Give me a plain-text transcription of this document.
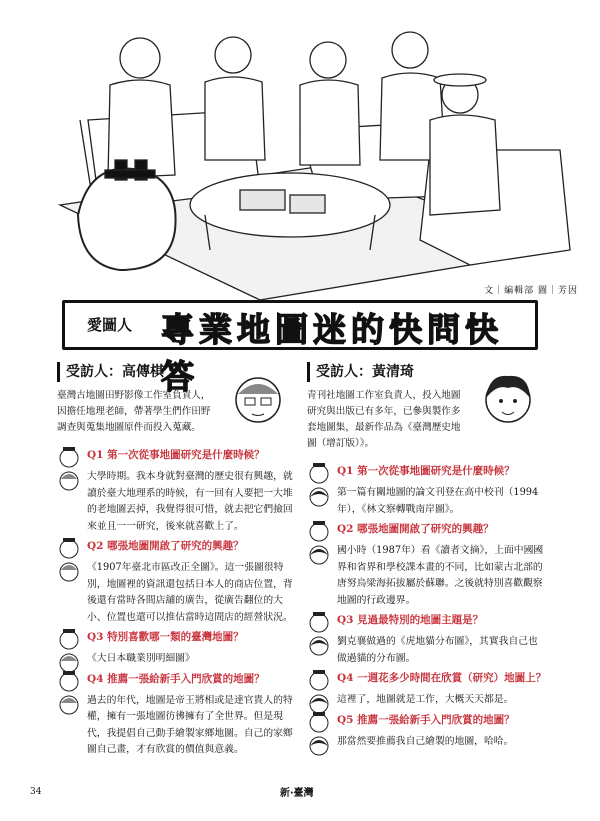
文｜編輯部 圖｜芳因
愛圖人 專業地圖迷的快問快答
受訪人：高傳棋
臺灣古地圖田野影像工作室負責人，因擔任地理老師，帶著學生們作田野調查與蒐集地圖原件而投入蒐藏。
Q1 第一次從事地圖研究是什麼時候？
大學時期。我本身就對臺灣的歷史很有興趣，就讀於臺大地理系的時候，有一回有人要把一大堆的老地圖丟掉，我覺得很可惜，就去把它們撿回來並且一一研究，後來就喜歡上了。
Q2 哪張地圖開啟了研究的興趣？
《1907年臺北市區改正全圖》。這一張圖很特別，地圖裡的資訊還包括日本人的商店位置，背後還有當時各間店舖的廣告，從廣告翻位的大小、位置也還可以推估當時這間店的經營狀況。
Q3 特別喜歡哪一類的臺灣地圖？
《大日本職業別明細圖》
Q4 推薦一張給新手入門欣賞的地圖？
過去的年代，地圖是帝王將相或是達官貴人的特權，擁有一張地圖彷彿擁有了全世界。但是現代，我提倡自己動手繪製家鄉地圖。自己的家鄉圖自己畫，才有欣賞的價值與意義。
受訪人：黃清琦
青刊社地圖工作室負責人，投入地圖研究與出版已有多年，已參與製作多套地圖集，最新作品為《臺灣歷史地圖（增訂版）》。
Q1 第一次從事地圖研究是什麼時候？
第一篇有關地圖的論文刊登在高中校刊（1994年），《林文察轉戰南岸圖》。
Q2 哪張地圖開啟了研究的興趣？
國小時（1987年）看《讀者文摘》，上面中國國界和省界和學校課本畫的不同，比如蒙古北部的唐努烏梁海拓拔屬於蘇聯。之後就特別喜歡觀察地圖的行政邊界。
Q3 見過最特別的地圖主題是？
劉克襄做過的《虎地貓分布圖》，其實我自己也做過貓的分布圖。
Q4 一週花多少時間在欣賞（研究）地圖上？
這裡了，地圖就是工作，大概天天都是。
Q5 推薦一張給新手入門欣賞的地圖？
那當然要推薦我自己繪製的地圖，哈哈。
34	新‧臺灣
